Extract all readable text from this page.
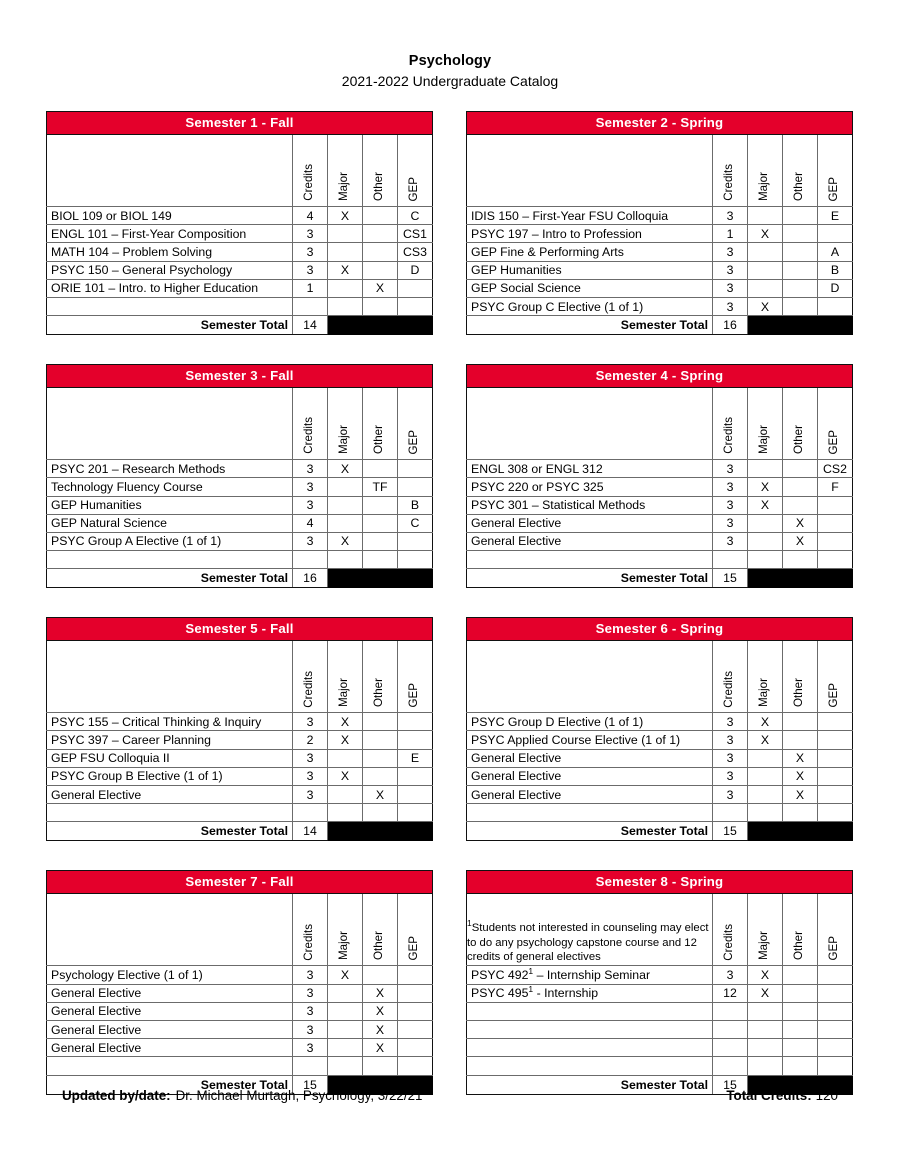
Psychology
2021-2022 Undergraduate Catalog
Semester 1 - Fall				

	Credits	Major	Other	GEP

BIOL 109 or BIOL 149	4	X		C
ENGL 101 – First-Year Composition	3			CS1
MATH 104 – Problem Solving	3			CS3
PSYC 150 – General Psychology	3	X		D
ORIE 101 – Intro. to Higher Education	1		X	

Semester Total	14			
Semester 2 - Spring				

	Credits	Major	Other	GEP

IDIS 150 – First-Year FSU Colloquia	3			E
PSYC 197 – Intro to Profession	1	X		
GEP Fine & Performing Arts	3			A
GEP Humanities	3			B
GEP Social Science	3			D
PSYC Group C Elective (1 of 1)	3	X		
Semester Total	16			
Semester 3 - Fall				

	Credits	Major	Other	GEP

PSYC 201 – Research Methods	3	X		
Technology Fluency Course	3		TF	
GEP Humanities	3			B
GEP Natural Science	4			C
PSYC Group A Elective (1 of 1)	3	X		

Semester Total	16			
Semester 4 - Spring				

	Credits	Major	Other	GEP

ENGL 308 or ENGL 312	3			CS2
PSYC 220 or PSYC 325	3	X		F
PSYC 301 – Statistical Methods	3	X		
General Elective	3		X	
General Elective	3		X	

Semester Total	15			
Semester 5 - Fall				

	Credits	Major	Other	GEP

PSYC 155 – Critical Thinking & Inquiry	3	X		
PSYC 397 – Career Planning	2	X		
GEP FSU Colloquia II	3			E
PSYC Group B Elective (1 of 1)	3	X		
General Elective	3		X	

Semester Total	14			
Semester 6 - Spring				

	Credits	Major	Other	GEP

PSYC Group D Elective (1 of 1)	3	X		
PSYC Applied Course Elective (1 of 1)	3	X		
General Elective	3		X	
General Elective	3		X	
General Elective	3		X	

Semester Total	15			
Semester 7 - Fall				

	Credits	Major	Other	GEP

Psychology Elective (1 of 1)	3	X		
General Elective	3		X	
General Elective	3		X	
General Elective	3		X	
General Elective	3		X	

Semester Total	15			
Semester 8 - Spring				
$^1$Students not interested in counseling may elect to do any psychology capstone course and 12 credits of general electives	Credits	Major	Other	GEP

PSYC $492^1$ – Internship Seminar	3	X		
PSYC $495^1$ - Internship	12	X		

Semester Total	15			
Updated by/date: Dr. Michael Murtagh, Psychology, 3/22/21	Total Credits: 120
